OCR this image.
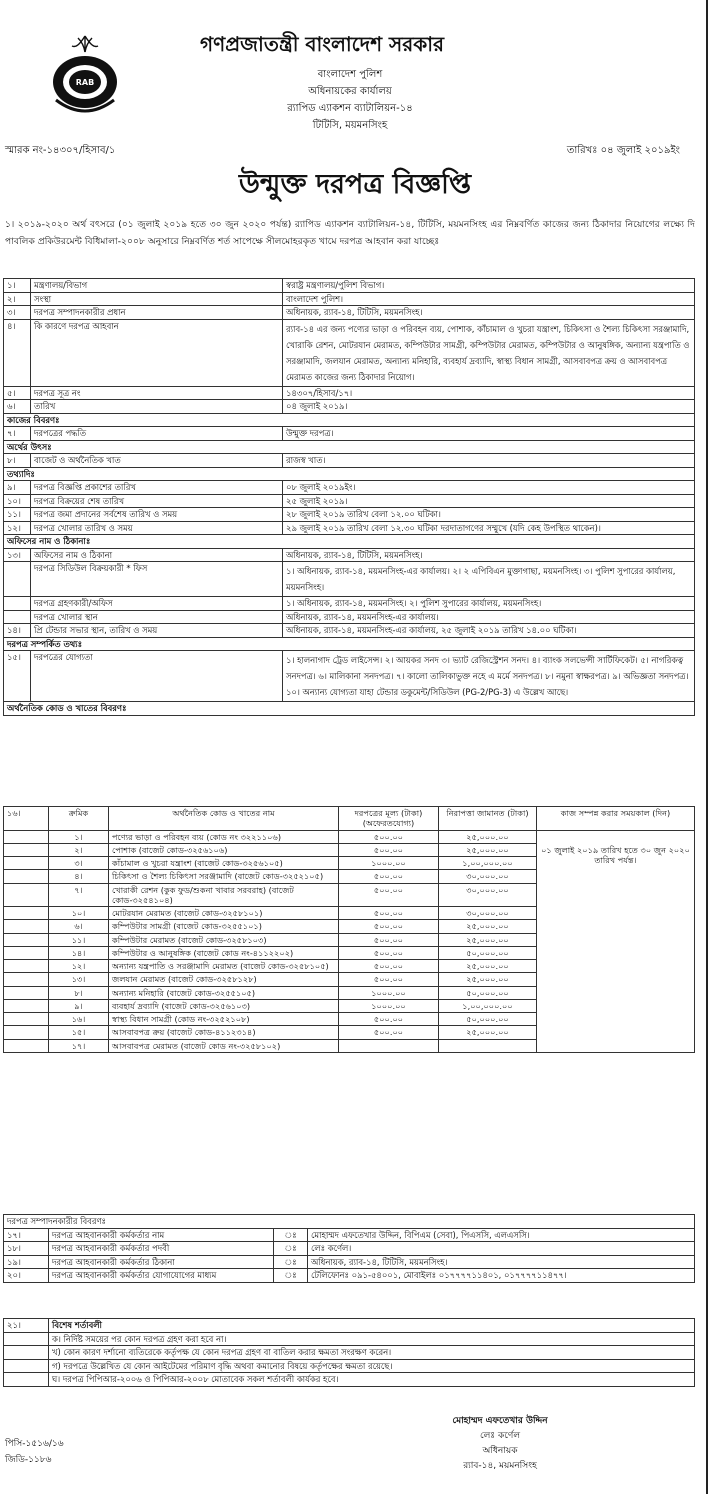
RAB
গণপ্রজাতন্ত্রী বাংলাদেশ সরকার
বাংলাদেশ পুলিশ
অধিনায়কের কার্যালয়
র‍্যাপিড এ্যাকশন ব্যাটালিয়ন-১৪
টিটিসি, ময়মনসিংহ
স্মারক নং-১৪৩০৭/হিসাব/১	তারিখঃ ০৪ জুলাই ২০১৯ইং
উন্মুক্ত দরপত্র বিজ্ঞপ্তি
১। ২০১৯-২০২০ অর্থ বৎসরে (০১ জুলাই ২০১৯ হতে ৩০ জুন ২০২০ পর্যন্ত) র‍্যাপিড এ্যাকশন ব্যাটালিয়ন-১৪, টিটিসি, ময়মনসিংহ এর নিম্নবর্ণিত কাজের জন্য ঠিকাদার নিয়োগের লক্ষ্যে দি পাবলিক প্রকিউরমেন্ট বিধিমালা-২০০৮ অনুসারে নিম্নবর্ণিত শর্ত সাপেক্ষে সীলমোহরকৃত খামে দরপত্র আহবান করা যাচ্ছেঃ
১।	মন্ত্রণালয়/বিভাগ	স্বরাষ্ট্র মন্ত্রণালয়/পুলিশ বিভাগ।
২।	সংস্থা	বাংলাদেশ পুলিশ।
৩।	দরপত্র সম্পাদনকারীর প্রধান	অধিনায়ক, র‍্যাব-১৪, টিটিসি, ময়মনসিংহ।
৪।	কি কারণে দরপত্র আহবান	র‍্যাব-১৪ এর জন্য পণ্যের ভাড়া ও পরিবহন ব্যয়, পোশাক, কাঁচামাল ও খুচরা যন্ত্রাংশ, চিকিৎসা ও শৈল্য চিকিৎসা সরঞ্জামাদি, খোরাকি রেশন, মোটরযান মেরামত, কম্পিউটার সামগ্রী, কম্পিউটার মেরামত, কম্পিউটার ও আনুষঙ্গিক, অন্যান্য যন্ত্রপাতি ও সরঞ্জামাদি, জলযান মেরামত, অন্যান্য মনিহারি, ব্যবহার্য দ্রব্যাদি, স্বাস্থ্য বিধান সামগ্রী, আসবাবপত্র ক্রয় ও আসবাবপত্র মেরামত কাজের জন্য ঠিকাদার নিয়োগ।
৫।	দরপত্র সূত্র নং	১৪৩০৭/হিসাব/১৭।
৬।	তারিখ	০৪ জুলাই ২০১৯।
কাজের বিবরণঃ		
৭।	দরপত্রের পদ্ধতি	উন্মুক্ত দরপত্র।
অর্থের উৎসঃ		
৮।	বাজেট ও অর্থনৈতিক খাত	রাজস্ব খাত।
তথ্যাদিঃ		
৯।	দরপত্র বিজ্ঞপ্তি প্রকাশের তারিখ	০৮ জুলাই ২০১৯ইং।
১০।	দরপত্র বিক্রয়ের শেষ তারিখ	২৫ জুলাই ২০১৯।
১১।	দরপত্র জমা প্রদানের সর্বশেষ তারিখ ও সময়	২৮ জুলাই ২০১৯ তারিখ বেলা ১২.০০ ঘটিকা।
১২।	দরপত্র খোলার তারিখ ও সময়	২৯ জুলাই ২০১৯ তারিখ বেলা ১২.৩০ ঘটিকা দরদাতাগণের সম্মুখে (যদি কেহ উপস্থিত থাকেন)।
অফিসের নাম ও ঠিকানাঃ		
১৩।	অফিসের নাম ও ঠিকানা	অধিনায়ক, র‍্যাব-১৪, টিটিসি, ময়মনসিংহ।
	দরপত্র সিডিউল বিক্রয়কারী * ফিস	১। অধিনায়ক, র‍্যাব-১৪, ময়মনসিংহ-এর কার্যালয়। ২। ২ এপিবিএন মুক্তাগাছা, ময়মনসিংহ। ৩। পুলিশ সুপারের কার্যালয়, ময়মনসিংহ।
	দরপত্র গ্রহণকারী/অফিস	১। অধিনায়ক, র‍্যাব-১৪, ময়মনসিংহ। ২। পুলিশ সুপারের কার্যালয়, ময়মনসিংহ।
	দরপত্র খোলার স্থান	অধিনায়ক, র‍্যাব-১৪, ময়মনসিংহ-এর কার্যালয়।
১৪।	প্রি টেন্ডার সভার স্থান, তারিখ ও সময়	অধিনায়ক, র‍্যাব-১৪, ময়মনসিংহ-এর কার্যালয়, ২৫ জুলাই ২০১৯ তারিখ ১৪.০০ ঘটিকা।
দরপত্র সম্পর্কিত তথ্যঃ		
১৫।	দরপত্রের যোগ্যতা	১। হালনাগাদ ট্রেড লাইসেন্স। ২। আয়কর সনদ ৩। ভ্যাট রেজিস্ট্রেশন সনদ। ৪। ব্যাংক সলভেন্সী সার্টিফিকেট। ৫। নাগরিকত্ব সনদপত্র। ৬। মালিকানা সনদপত্র। ৭। কালো তালিকাভুক্ত নহে এ মর্মে সনদপত্র। ৮। নমুনা স্বাক্ষরপত্র। ৯। অভিজ্ঞতা সনদপত্র। ১০। অন্যান্য যোগ্যতা যাহা টেন্ডার ডকুমেন্ট/সিডিউল (PG-2/PG-3) এ উল্লেখ আছে।
অর্থনৈতিক কোড ও খাতের বিবরণঃ		
১৬।	ক্রমিক	অর্থনৈতিক কোড ও খাতের নাম	দরপত্রের মূল্য (টাকা) (অফেরতযোগ্য)	নিরাপত্তা জামানত (টাকা)	কাজ সম্পন্ন করার সময়কাল (দিন)
	১।	পণ্যের ভাড়া ও পরিবহন ব্যয় (কোড নং ৩২২১১০৬)	৫০০.০০	২৫,০০০.০০	০১ জুলাই ২০১৯ তারিখ হতে ৩০ জুন ২০২০ তারিখ পর্যন্ত।
	২।	পোশাক (বাজেট কোড-৩২৫৬১০৬)	৫০০.০০	২৫,০০০.০০	
	৩।	কাঁচামাল ও খুচরা যন্ত্রাংশ (বাজেট কোড-৩২৫৬১০৫)	১০০০.০০	১,০০,০০০.০০	
	৪।	চিকিৎসা ও শৈল্য চিকিৎসা সরঞ্জামাদি (বাজেট কোড-৩২৫২১০৫)	৫০০.০০	৩০,০০০.০০	
	৭।	খোরাকী রেশন (কুক ফুড/শুকনা খাবার সরবরাহ) (বাজেট কোড-৩২৫৪১০৪)	৫০০.০০	৩০,০০০.০০	
	১০।	মোটরযান মেরামত (বাজেট কোড-৩২৫৮১০১)	৫০০.০০	৩০,০০০.০০	
	৬।	কম্পিউটার সামগ্রী (বাজেট কোড-৩২৫৫১০১)	৫০০.০০	২৫,০০০.০০	
	১১।	কম্পিউটার মেরামত (বাজেট কোড-৩২৫৮১০৩)	৫০০.০০	২৫,০০০.০০	
	১৪।	কম্পিউটার ও আনুষঙ্গিক (বাজেট কোড নং-৪১১২২০২)	৫০০.০০	৫০,০০০.০০	
	১২।	অন্যান্য যন্ত্রপাতি ও সরঞ্জামাদি মেরামত (বাজেট কোড-৩২৫৮১০৫)	৫০০.০০	২৫,০০০.০০	
	১৩।	জলযান মেরামত (বাজেট কোড-৩২৫৮১২৮)	৫০০.০০	২৫,০০০.০০	
	৮।	অন্যান্য মনিহারি (বাজেট কোড-৩২৫৫১০৫)	১০০০.০০	৫০,০০০.০০	
	৯।	ব্যবহার্য দ্রব্যাদি (বাজেট কোড-৩২৫৬১০৩)	১০০০.০০	১,০০,০০০.০০	
	১৬।	স্বাস্থ্য বিধান সামগ্রী (কোড নং-৩২৫২১০৮)	৫০০.০০	৫০,০০০.০০	
	১৫।	আসবাবপত্র ক্রয় (বাজেট কোড-৪১১২৩১৪)	৫০০.০০	২৫,০০০.০০	
	১৭।	আসবাবপত্র মেরামত (বাজেট কোড নং-৩২৫৮১০২)			
দরপত্র সম্পাদনকারীর বিবরণঃ			
১৭।	দরপত্র আহবানকারী কর্মকর্তার নাম	ঃ	মোহাম্মদ এফতেখার উদ্দিন, বিপিএম (সেবা), পিএসসি, এলএসসি।
১৮।	দরপত্র আহবানকারী কর্মকর্তার পদবী	ঃ	লেঃ কর্ণেল।
১৯।	দরপত্র আহবানকারী কর্মকর্তার ঠিকানা	ঃ	অধিনায়ক, র‍্যাব-১৪, টিটিসি, ময়মনসিংহ।
২০।	দরপত্র আহবানকারী কর্মকর্তার যোগাযোগের মাধ্যম	ঃ	টেলিফোনঃ ০৯১-৫৪০০১, মোবাইলঃ ০১৭৭৭৭১১৪০১, ০১৭৭৭৭১১৪৭৭।
২১।	বিশেষ শর্তাবলী
	ক। নির্দিষ্ট সময়ের পর কোন দরপত্র গ্রহণ করা হবে না।
	খ) কোন কারণ দর্শানো ব্যতিরেকে কর্তৃপক্ষ যে কোন দরপত্র গ্রহণ বা বাতিল করার ক্ষমতা সংরক্ষণ করেন।
	গ) দরপত্রে উল্লেখিত যে কোন আইটেমের পরিমাণ বৃদ্ধি অথবা কমানোর বিষয়ে কর্তৃপক্ষের ক্ষমতা রয়েছে।
	ঘ। দরপত্র পিপিআর-২০০৬ ও পিপিআর-২০০৮ মোতাবেক সকল শর্তাবলী কার্যকর হবে।
মোহাম্মদ এফতেখার উদ্দিন
লেঃ কর্ণেল
অধিনায়ক
র‍্যাব-১৪, ময়মনসিংহ
পিসি-১৫১৬/১৬
জিডি-১১৮৬
